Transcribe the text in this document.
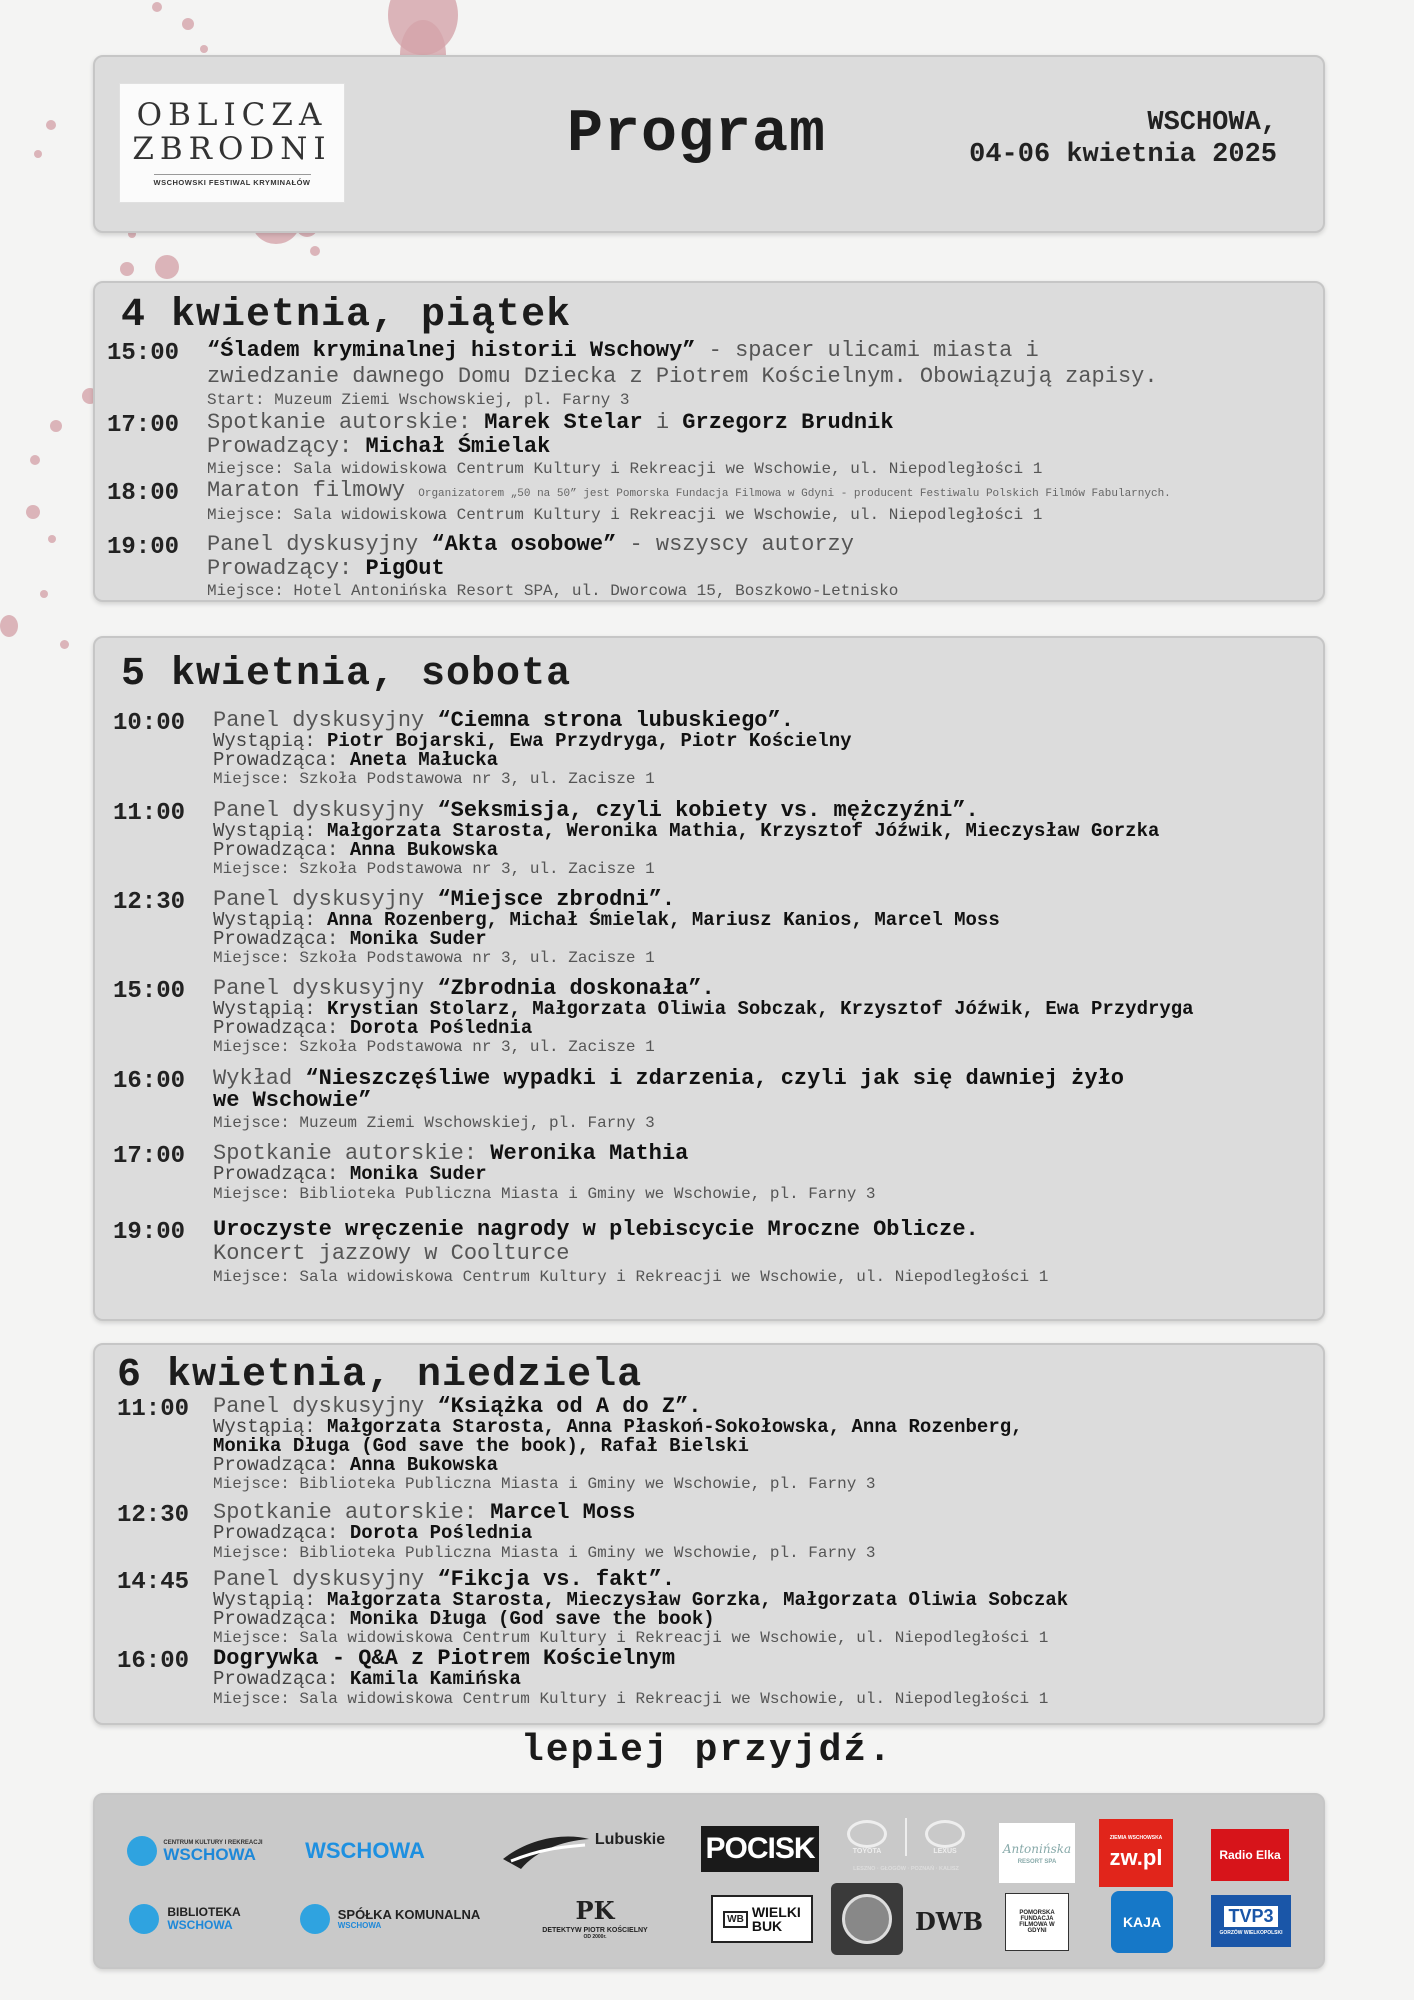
OBLICZA
ZBRODNI
WSCHOWSKI FESTIWAL KRYMINAŁÓW
Program	WSCHOWA,
04-06 kwietnia 2025
4 kwietnia, piątek
15:00 “Śladem kryminalnej historii Wschowy” - spacer ulicami miasta i
zwiedzanie dawnego Domu Dziecka z Piotrem Kościelnym. Obowiązują zapisy.
Start: Muzeum Ziemi Wschowskiej, pl. Farny 3
17:00 Spotkanie autorskie: Marek Stelar i Grzegorz Brudnik
Prowadzący: Michał Śmielak
Miejsce: Sala widowiskowa Centrum Kultury i Rekreacji we Wschowie, ul. Niepodległości 1
18:00 Maraton filmowy Organizatorem „50 na 50” jest Pomorska Fundacja Filmowa w Gdyni - producent Festiwalu Polskich Filmów Fabularnych.
Miejsce: Sala widowiskowa Centrum Kultury i Rekreacji we Wschowie, ul. Niepodległości 1
19:00 Panel dyskusyjny “Akta osobowe” - wszyscy autorzy
Prowadzący: PigOut
Miejsce: Hotel Antonińska Resort SPA, ul. Dworcowa 15, Boszkowo-Letnisko
5 kwietnia, sobota
10:00 Panel dyskusyjny “Ciemna strona lubuskiego”.
Wystąpią: Piotr Bojarski, Ewa Przydryga, Piotr Kościelny
Prowadząca: Aneta Małucka
Miejsce: Szkoła Podstawowa nr 3, ul. Zacisze 1
11:00 Panel dyskusyjny “Seksmisja, czyli kobiety vs. mężczyźni”.
Wystąpią: Małgorzata Starosta, Weronika Mathia, Krzysztof Jóźwik, Mieczysław Gorzka
Prowadząca: Anna Bukowska
Miejsce: Szkoła Podstawowa nr 3, ul. Zacisze 1
12:30 Panel dyskusyjny “Miejsce zbrodni”.
Wystąpią: Anna Rozenberg, Michał Śmielak, Mariusz Kanios, Marcel Moss
Prowadząca: Monika Suder
Miejsce: Szkoła Podstawowa nr 3, ul. Zacisze 1
15:00 Panel dyskusyjny “Zbrodnia doskonała”.
Wystąpią: Krystian Stolarz, Małgorzata Oliwia Sobczak, Krzysztof Jóźwik, Ewa Przydryga
Prowadząca: Dorota Poślednia
Miejsce: Szkoła Podstawowa nr 3, ul. Zacisze 1
16:00 Wykład “Nieszczęśliwe wypadki i zdarzenia, czyli jak się dawniej żyło
we Wschowie”
Miejsce: Muzeum Ziemi Wschowskiej, pl. Farny 3
17:00 Spotkanie autorskie: Weronika Mathia
Prowadząca: Monika Suder
Miejsce: Biblioteka Publiczna Miasta i Gminy we Wschowie, pl. Farny 3
19:00 Uroczyste wręczenie nagrody w plebiscycie Mroczne Oblicze.
Koncert jazzowy w Coolturce
Miejsce: Sala widowiskowa Centrum Kultury i Rekreacji we Wschowie, ul. Niepodległości 1
6 kwietnia, niedziela
11:00 Panel dyskusyjny “Książka od A do Z”.
Wystąpią: Małgorzata Starosta, Anna Płaskoń-Sokołowska, Anna Rozenberg,
Monika Długa (God save the book), Rafał Bielski
Prowadząca: Anna Bukowska
Miejsce: Biblioteka Publiczna Miasta i Gminy we Wschowie, pl. Farny 3
12:30 Spotkanie autorskie: Marcel Moss
Prowadząca: Dorota Poślednia
Miejsce: Biblioteka Publiczna Miasta i Gminy we Wschowie, pl. Farny 3
14:45 Panel dyskusyjny “Fikcja vs. fakt”.
Wystąpią: Małgorzata Starosta, Mieczysław Gorzka, Małgorzata Oliwia Sobczak
Prowadząca: Monika Długa (God save the book)
Miejsce: Sala widowiskowa Centrum Kultury i Rekreacji we Wschowie, ul. Niepodległości 1
16:00 Dogrywka - Q&A z Piotrem Kościelnym
Prowadząca: Kamila Kamińska
Miejsce: Sala widowiskowa Centrum Kultury i Rekreacji we Wschowie, ul. Niepodległości 1
lepiej przyjdź.
CENTRUM KULTURY I REKREACJI
WSCHOWA	WSCHOWA	Lubuskie POCISK	TOYOTA	LEXUS
LESZNO · GŁOGÓW · POZNAŃ · KALISZ
Antonińska
RESORT SPA
ZIEMIA WSCHOWSKA
zw.pl	Radio Elka
BIBLIOTEKA
WSCHOWA
SPÓŁKA KOMUNALNA
WSCHOWA
PK
DETEKTYW PIOTR KOŚCIELNY
OD 2000r.
WB WIELKI
BUK	DWB	POMORSKA FUNDACJA FILMOWA W GDYNI
KAJA	TVP3
GORZÓW WIELKOPOLSKI
